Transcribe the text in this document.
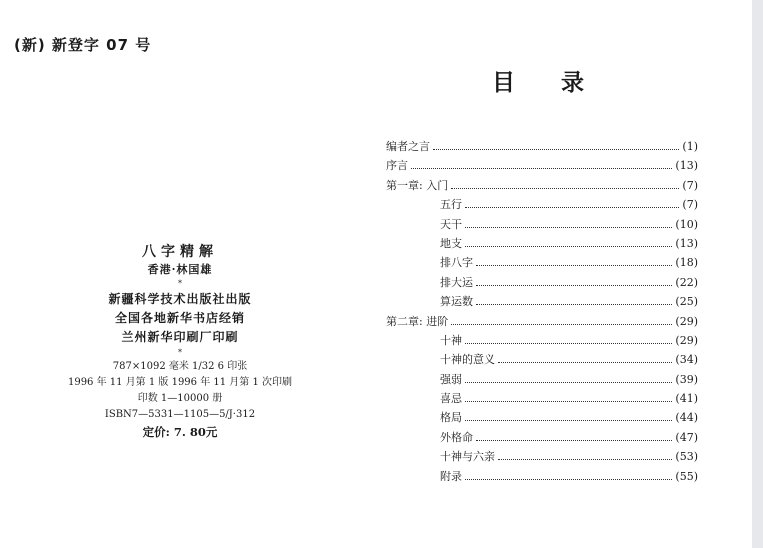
(新) 新登字 07 号
八字精解
香港·林国雄
*
新疆科学技术出版社出版
全国各地新华书店经销
兰州新华印刷厂印刷
*
787×1092 毫米 1/32 6 印张
1996 年 11 月第 1 版 1996 年 11 月第 1 次印刷
印数 1—10000 册
ISBN7—5331—1105—5/J·312
定价: 7. 80元
目录
编者之言	(1)
序言	(13)
第一章: 入门	(7)
五行	(7)
天干	(10)
地支	(13)
排八字	(18)
排大运	(22)
算运数	(25)
第二章: 进阶	(29)
十神	(29)
十神的意义	(34)
强弱	(39)
喜忌	(41)
格局	(44)
外格命	(47)
十神与六亲	(53)
附录	(55)
